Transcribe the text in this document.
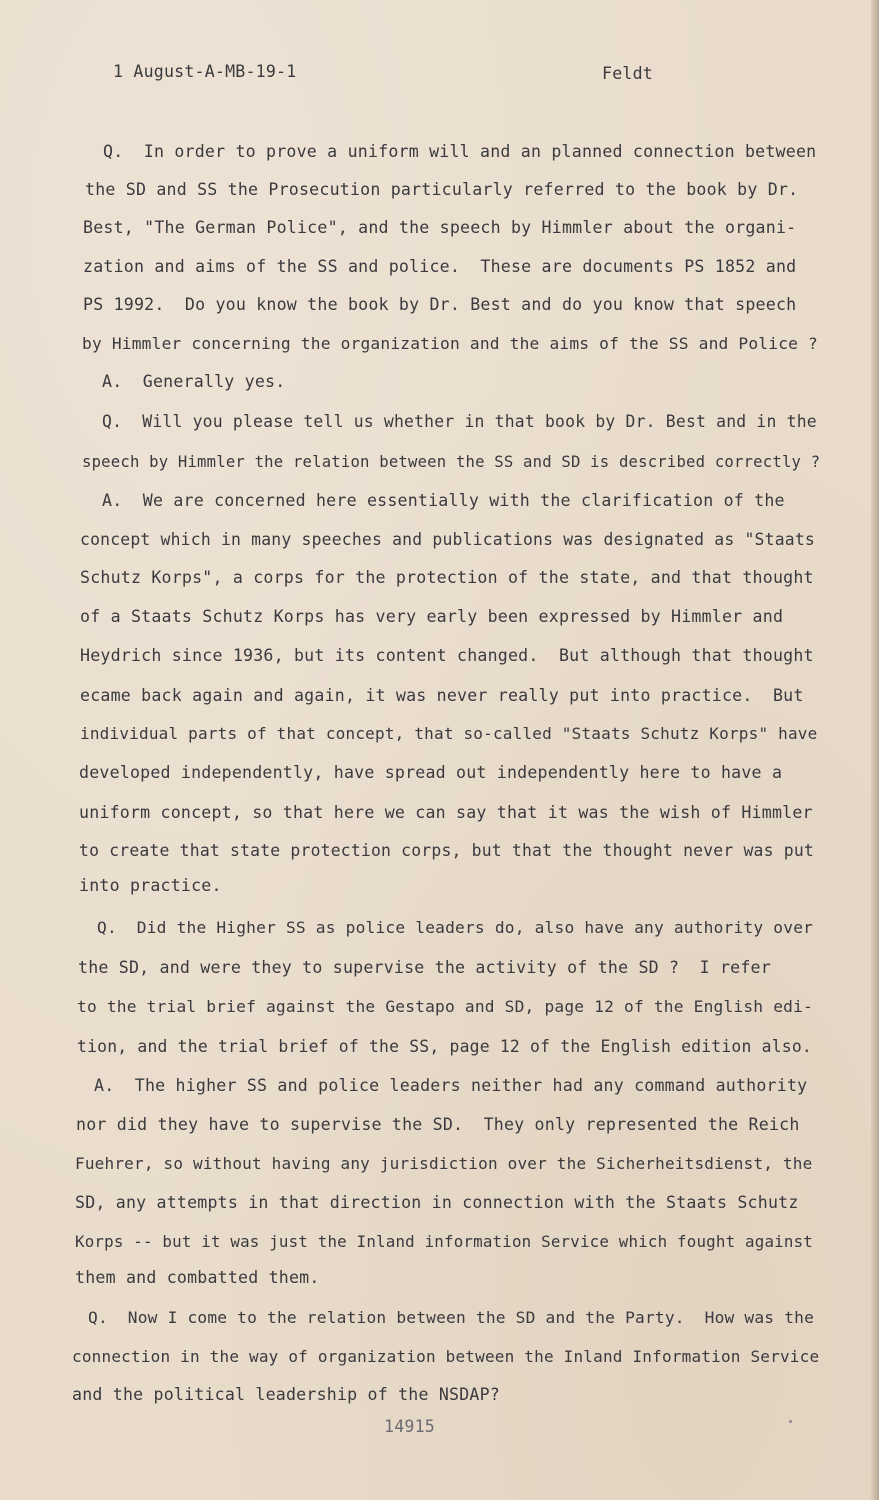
1 August-A-MB-19-1	Feldt
Q.  In order to prove a uniform will and an planned connection between
the SD and SS the Prosecution particularly referred to the book by Dr.
Best, "The German Police", and the speech by Himmler about the organi-
zation and aims of the SS and police.  These are documents PS 1852 and
PS 1992.  Do you know the book by Dr. Best and do you know that speech
by Himmler concerning the organization and the aims of the SS and Police ?
A.  Generally yes.
Q.  Will you please tell us whether in that book by Dr. Best and in the
speech by Himmler the relation between the SS and SD is described correctly ?
A.  We are concerned here essentially with the clarification of the
concept which in many speeches and publications was designated as "Staats
Schutz Korps", a corps for the protection of the state, and that thought
of a Staats Schutz Korps has very early been expressed by Himmler and
Heydrich since 1936, but its content changed.  But although that thought
ecame back again and again, it was never really put into practice.  But
individual parts of that concept, that so-called "Staats Schutz Korps" have
developed independently, have spread out independently here to have a
uniform concept, so that here we can say that it was the wish of Himmler
to create that state protection corps, but that the thought never was put
into practice.
Q.  Did the Higher SS as police leaders do, also have any authority over
the SD, and were they to supervise the activity of the SD ?  I refer
to the trial brief against the Gestapo and SD, page 12 of the English edi-
tion, and the trial brief of the SS, page 12 of the English edition also.
A.  The higher SS and police leaders neither had any command authority
nor did they have to supervise the SD.  They only represented the Reich
Fuehrer, so without having any jurisdiction over the Sicherheitsdienst, the
SD, any attempts in that direction in connection with the Staats Schutz
Korps -- but it was just the Inland information Service which fought against
them and combatted them.
Q.  Now I come to the relation between the SD and the Party.  How was the
connection in the way of organization between the Inland Information Service
and the political leadership of the NSDAP?
14915
